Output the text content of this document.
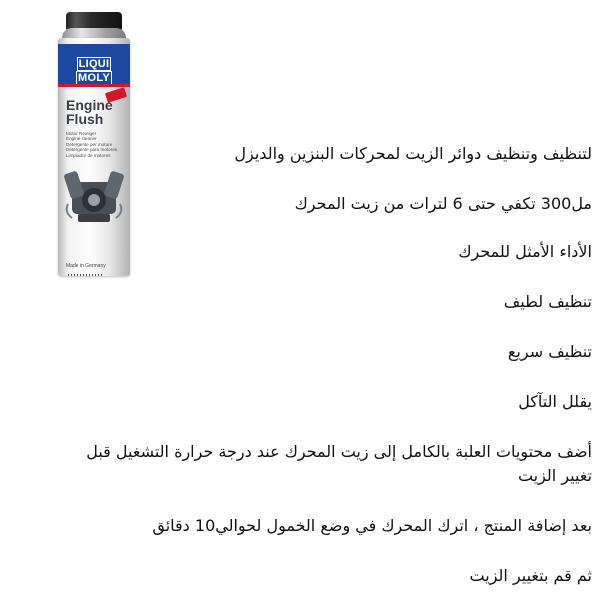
LIQUIMOLY
Engine
Flush
Motor Reiniger
Engine cleaner
Detergente per motore
Detergente para motores
Limpiador de motores
Made in Germany
لتنظيف وتنظيف دوائر الزيت لمحركات البنزين والديزل
مل300 تكفي حتى 6 لترات من زيت المحرك
الأداء الأمثل للمحرك
تنظيف لطيف
تنظيف سريع
يقلل التآكل
أضف محتويات العلبة بالكامل إلى زيت المحرك عند درجة حرارة التشغيل قبل تغيير الزيت
بعد إضافة المنتج ، اترك المحرك في وضع الخمول لحوالي10 دقائق
ثم قم بتغيير الزيت
